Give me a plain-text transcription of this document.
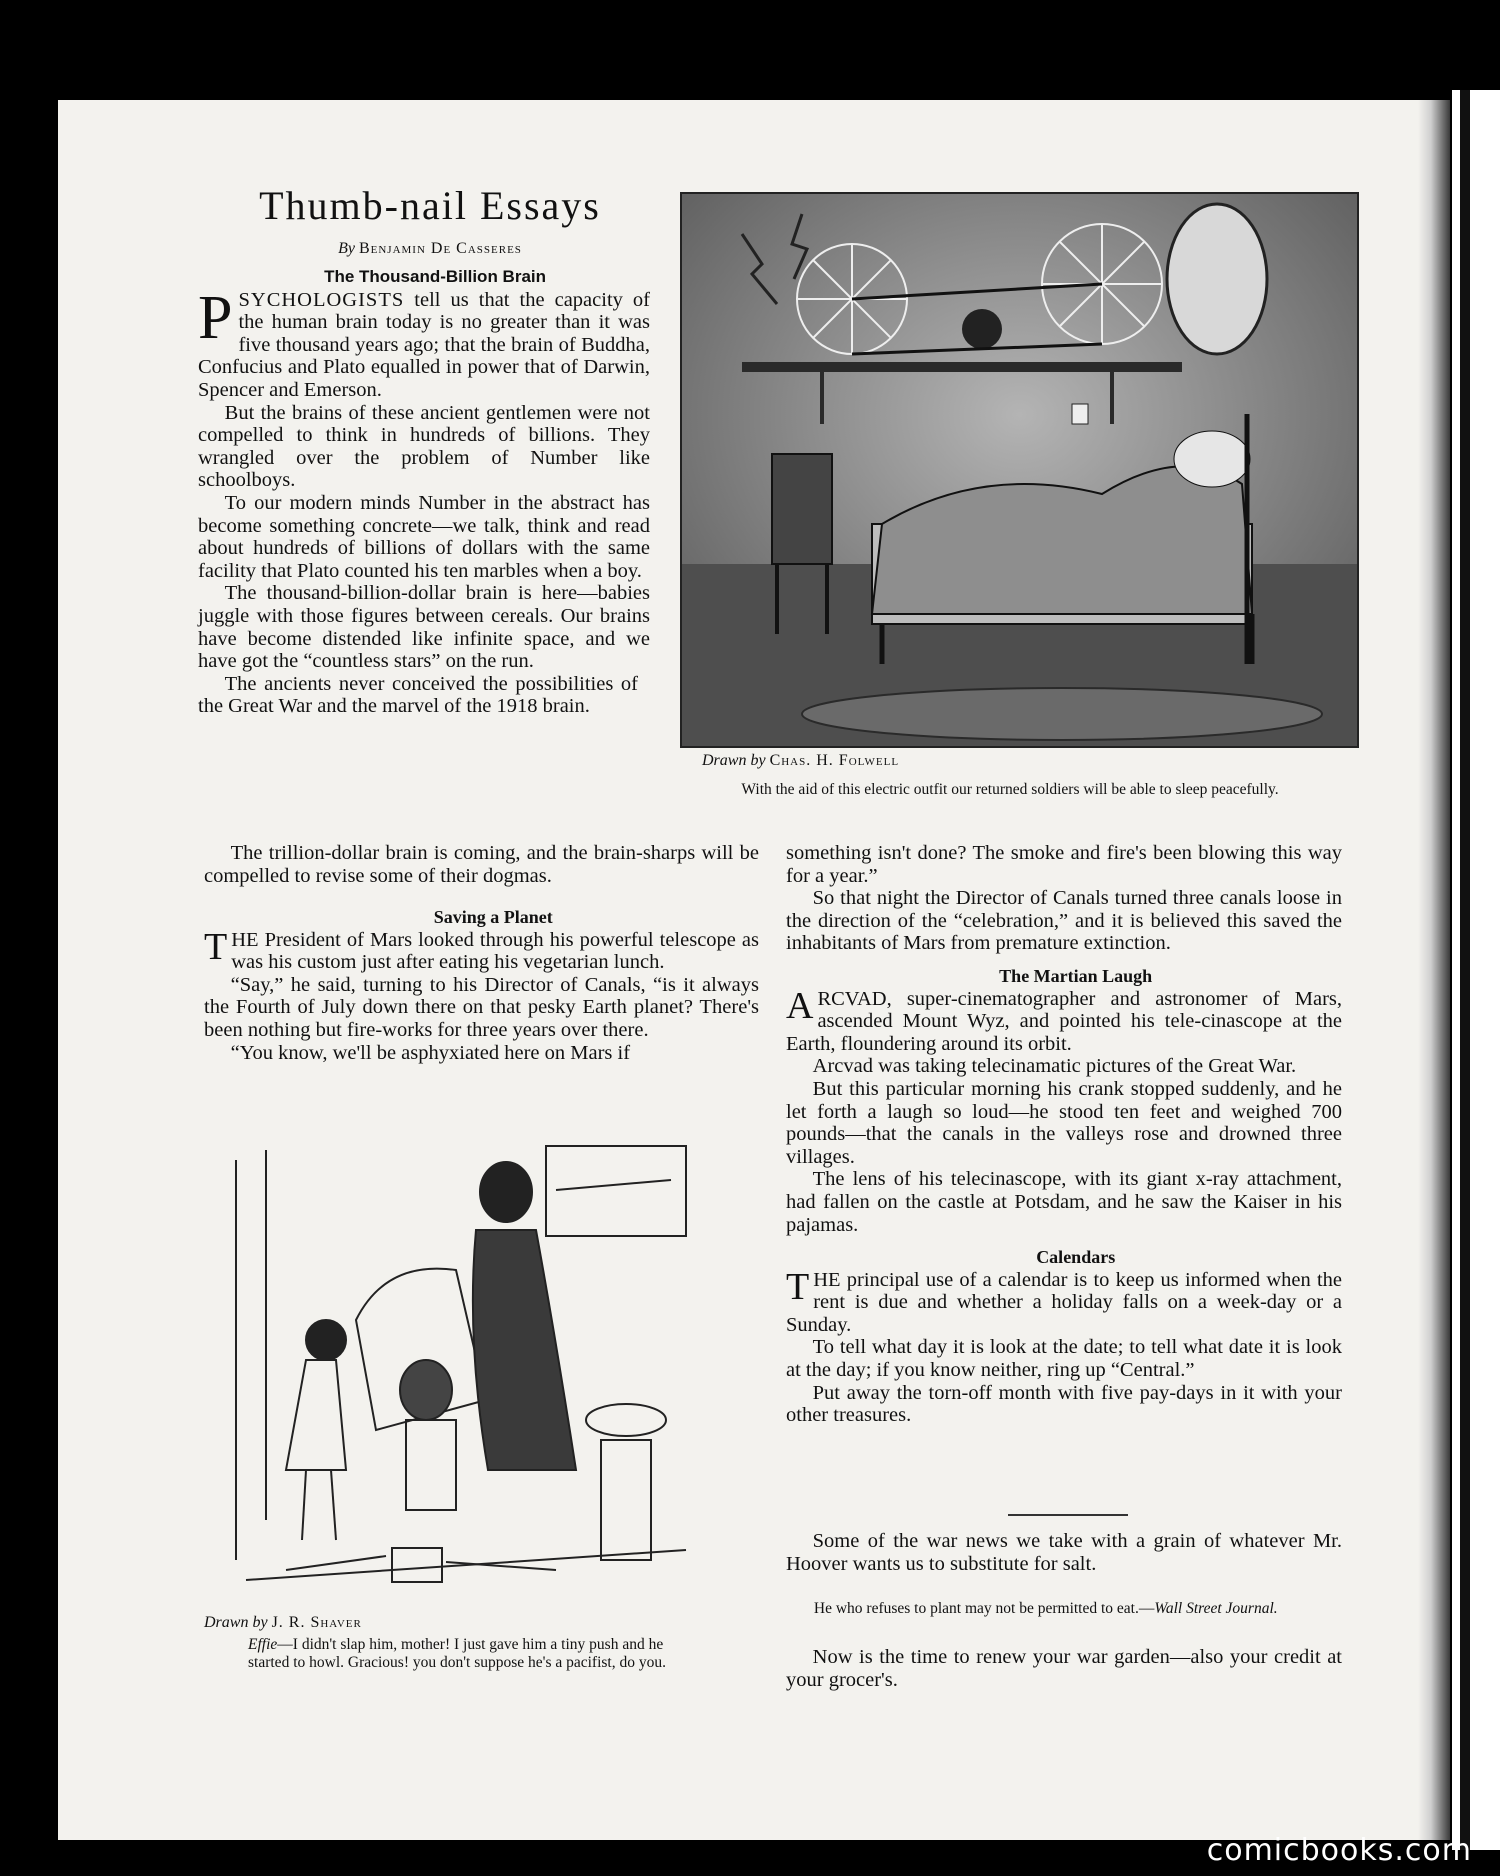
Thumb-nail Essays
By Benjamin De Casseres

The Thousand-Billion Brain

PSYCHOLOGISTS tell us that the capacity of the human brain today is no greater than it was five thousand years ago; that the brain of Buddha, Confucius and Plato equalled in power that of Darwin, Spencer and Emerson.

But the brains of these ancient gentlemen were not compelled to think in hundreds of billions. They wrangled over the problem of Number like schoolboys.

To our modern minds Number in the abstract has become something concrete—we talk, think and read about hundreds of billions of dollars with the same facility that Plato counted his ten marbles when a boy.

The thousand-billion-dollar brain is here—babies juggle with those figures between cereals. Our brains have become distended like infinite space, and we have got the “countless stars” on the run.

The ancients never conceived the possibilities of the Great War and the marvel of the 1918 brain.

The trillion-dollar brain is coming, and the brain-sharps will be compelled to revise some of their dogmas.

Saving a Planet

THE President of Mars looked through his powerful telescope as was his custom just after eating his vegetarian lunch.

“Say,” he said, turning to his Director of Canals, “is it always the Fourth of July down there on that pesky Earth planet? There's been nothing but fire-works for three years over there.

“You know, we'll be asphyxiated here on Mars if

Drawn by Chas. H. Folwell
With the aid of this electric outfit our returned soldiers will be able to sleep peacefully.

something isn't done? The smoke and fire's been blowing this way for a year.”

So that night the Director of Canals turned three canals loose in the direction of the “celebration,” and it is believed this saved the inhabitants of Mars from premature extinction.

The Martian Laugh

ARCVAD, super-cinematographer and astronomer of Mars, ascended Mount Wyz, and pointed his tele-cinascope at the Earth, floundering around its orbit.

Arcvad was taking telecinamatic pictures of the Great War.

But this particular morning his crank stopped suddenly, and he let forth a laugh so loud—he stood ten feet and weighed 700 pounds—that the canals in the valleys rose and drowned three villages.

The lens of his telecinascope, with its giant x-ray attachment, had fallen on the castle at Potsdam, and he saw the Kaiser in his pajamas.

Calendars

THE principal use of a calendar is to keep us informed when the rent is due and whether a holiday falls on a week-day or a Sunday.

To tell what day it is look at the date; to tell what date it is look at the day; if you know neither, ring up “Central.”

Put away the torn-off month with five pay-days in it with your other treasures.

Some of the war news we take with a grain of whatever Mr. Hoover wants us to substitute for salt.

He who refuses to plant may not be permitted to eat.—Wall Street Journal.

Now is the time to renew your war garden—also your credit at your grocer's.

Drawn by J. R. Shaver
Effie—I didn't slap him, mother! I just gave him a tiny push and he started to howl. Gracious! you don't suppose he's a pacifist, do you.
comicbooks.com
